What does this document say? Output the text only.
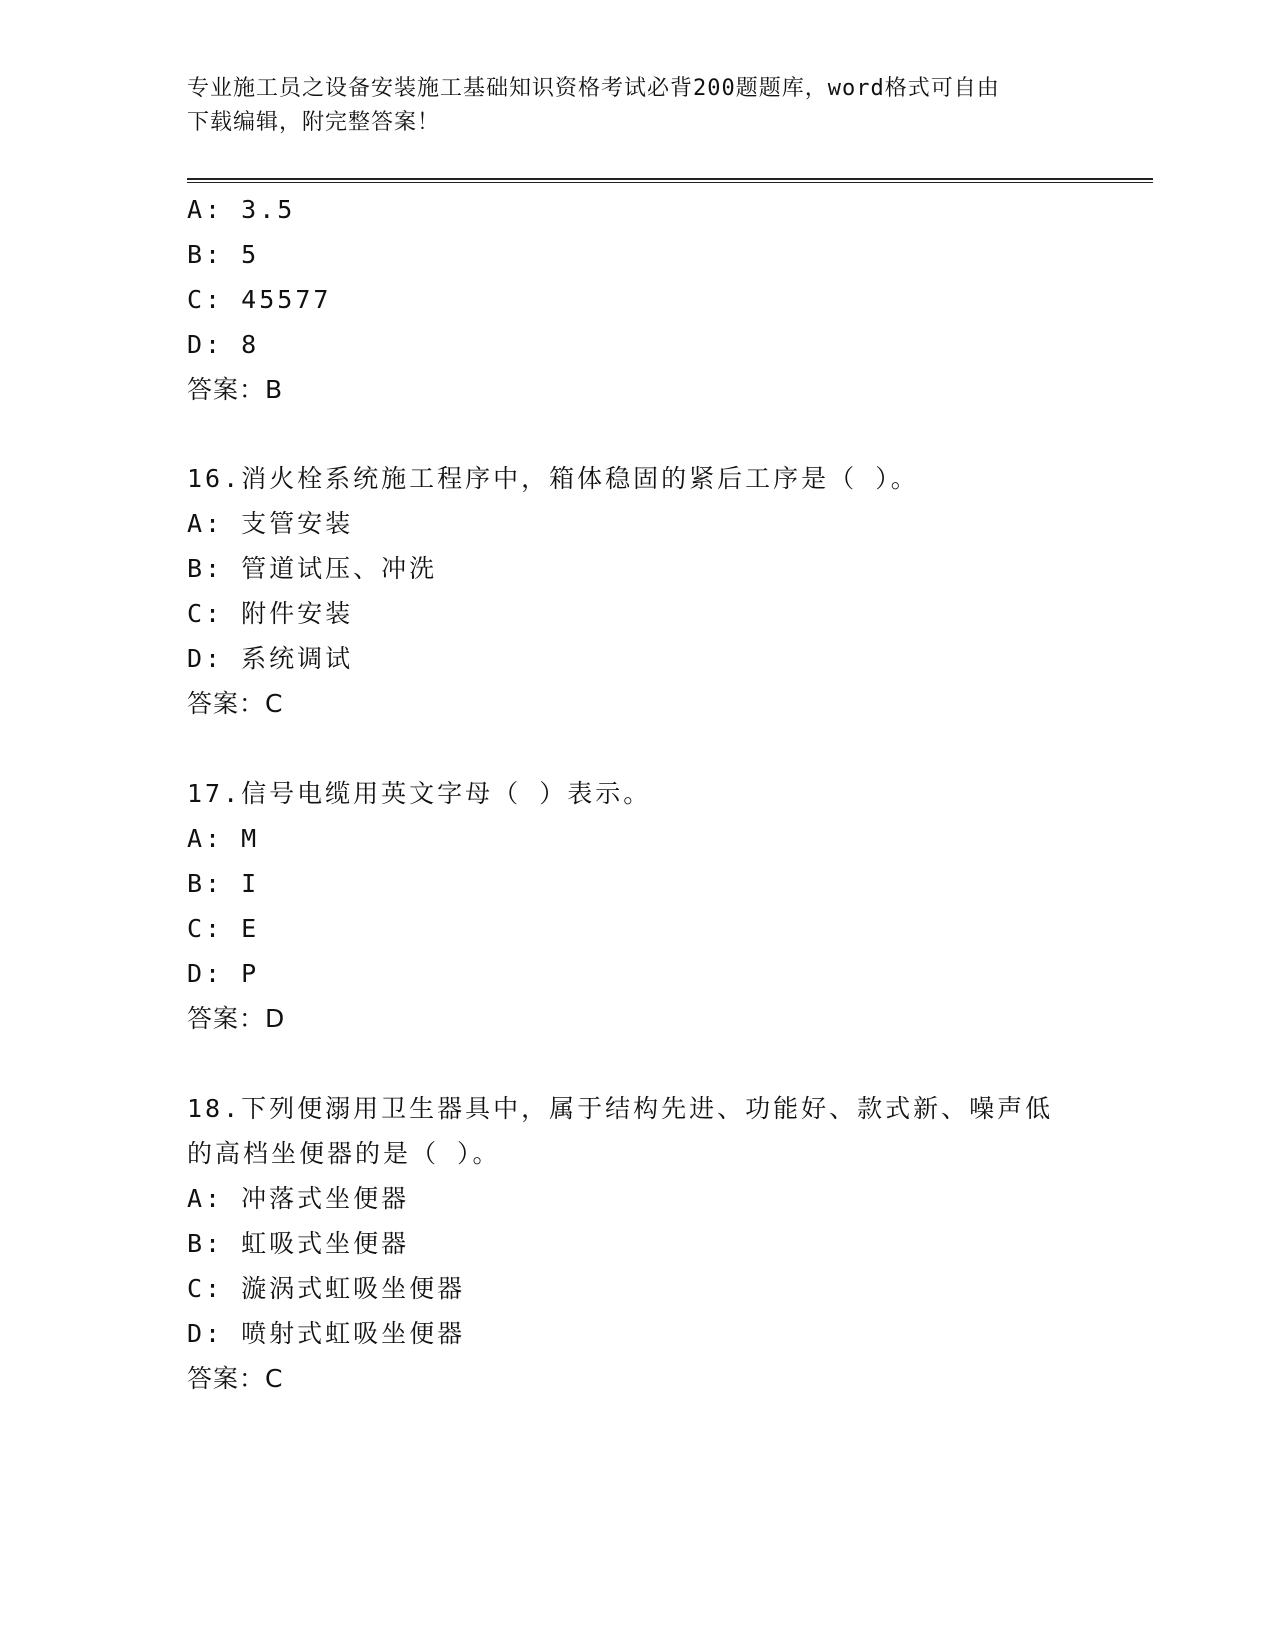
专业施工员之设备安装施工基础知识资格考试必背200题题库，word格式可自由
下载编辑，附完整答案！
A: 3.5
B: 5
C: 45577
D: 8
答案：B
16.消火栓系统施工程序中，箱体稳固的紧后工序是（ ）。
A: 支管安装
B: 管道试压、冲洗
C: 附件安装
D: 系统调试
答案：C
17.信号电缆用英文字母（ ）表示。
A: M
B: I
C: E
D: P
答案：D
18.下列便溺用卫生器具中，属于结构先进、功能好、款式新、噪声低
的高档坐便器的是（ ）。
A: 冲落式坐便器
B: 虹吸式坐便器
C: 漩涡式虹吸坐便器
D: 喷射式虹吸坐便器
答案：C
